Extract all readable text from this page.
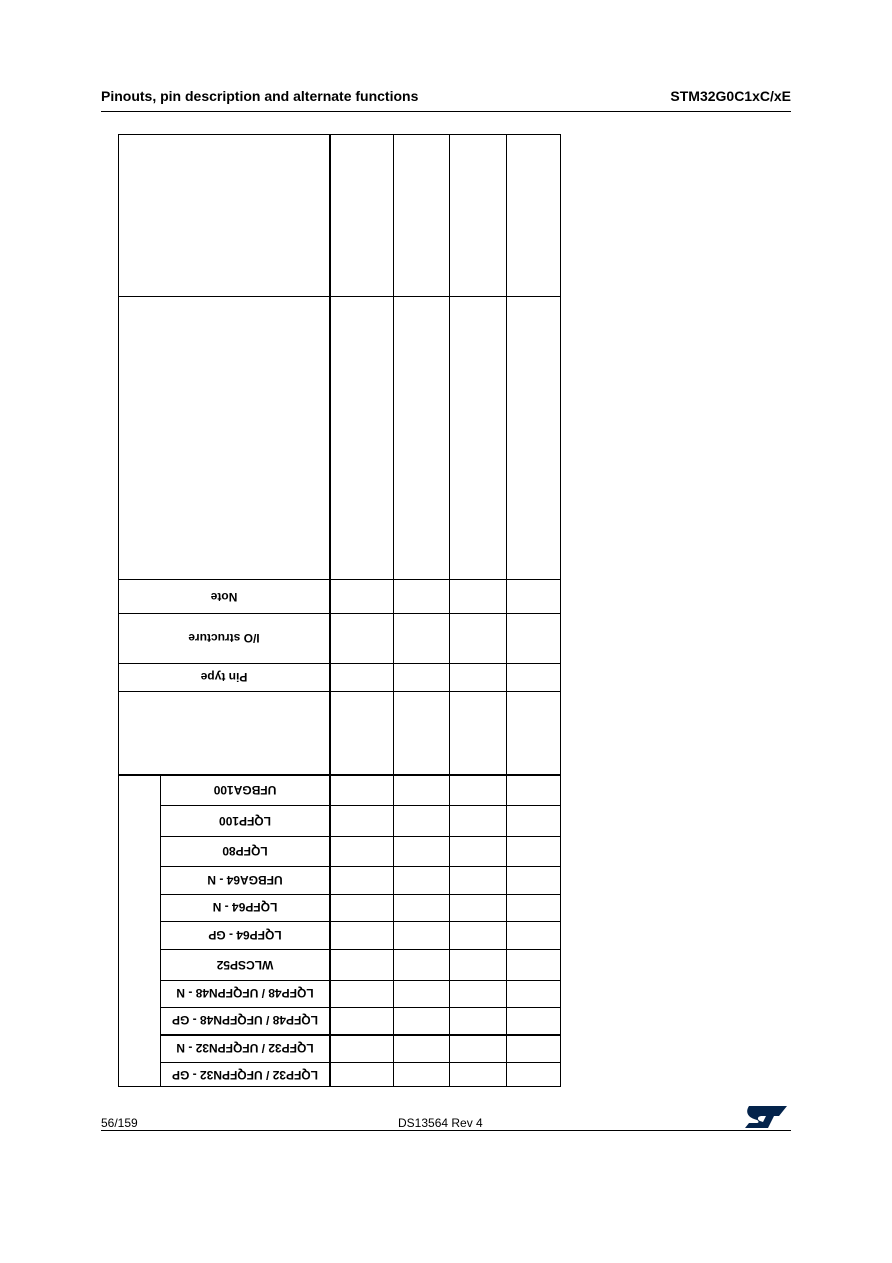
Pinouts, pin description and alternate functions	STM32G0C1xC/xE
Note
I/O structure
Pin type
UFBGA100
LQFP100
LQFP80
UFBGA64 - N
LQFP64 - N
LQFP64 - GP
WLCSP52
LQFP48 / UFQFPN48 - N
LQFP48 / UFQFPN48 - GP
LQFP32 / UFQFPN32 - N
LQFP32 / UFQFPN32 - GP
56/159	DS13564 Rev 4
